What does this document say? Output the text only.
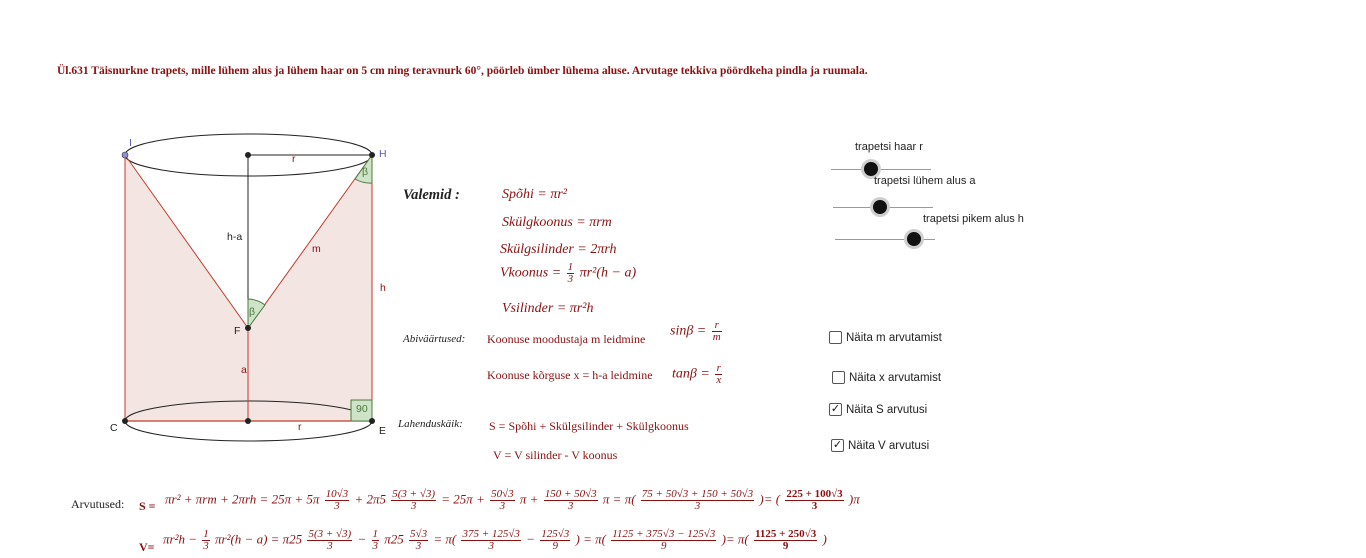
Ül.631 Täisnurkne trapets, mille lühem alus ja lühem haar on 5 cm ning teravnurk 60°, pöörleb ümber lühema aluse. Arvutage tekkiva pöördkeha pindla ja ruumala.
I
H
F
C	E
r
r
h-a
m
h
a
β
β
90
Valemid :	Spõhi = πr²
Skülgkoonus = πrm
Skülgsilinder = 2πrh
Vkoonus = $\frac{1}{3} \pi r^2(h - a)$
Vsilinder = πr²h
Abiväärtused: Koonuse moodustaja m leidmine
$\sin\beta = \frac{r}{m}$
Koonuse kõrguse x = h-a leidmine $\tan\beta = \frac{r}{x}$
Lahenduskäik: S = Spõhi + Skülgsilinder + Skülgkoonus
V = V silinder - V koonus
trapetsi haar r
trapetsi lühem alus a
trapetsi pikem alus h
Näita m arvutamist
Näita x arvutamist
✓ Näita S arvutusi
✓ Näita V arvutusi
Arvutused: $S = \pi r^2 + \pi rm + 2\pi rh = 25\pi + 5\pi \frac{10√3}{3} + 2\pi 5 \frac{5(3 + √3)}{3} = 25\pi + \frac{50√3}{3}$ $\pi + \frac{150 + 50√3}{3}$ $\pi = \pi( \frac{75 + 50√3 + 150 + 50√3}{3}$ )= ( $\frac{225 + 100√3}{3} )\pi$
V=
$\pi r^2h - \frac{1}{3} \pi r^2(h - a) = \pi 25 \frac{5(3 + √3)}{3} - \frac{1}{3} \pi 25 \frac{5√3}{3} = \pi( \frac{375 + 125√3}{3} - \frac{125√3}{9}$ ) = $\pi( \frac{1125 + 375√3 - 125√3}{9}$ )= $\pi( \frac{1125 + 250√3}{9}$ )
